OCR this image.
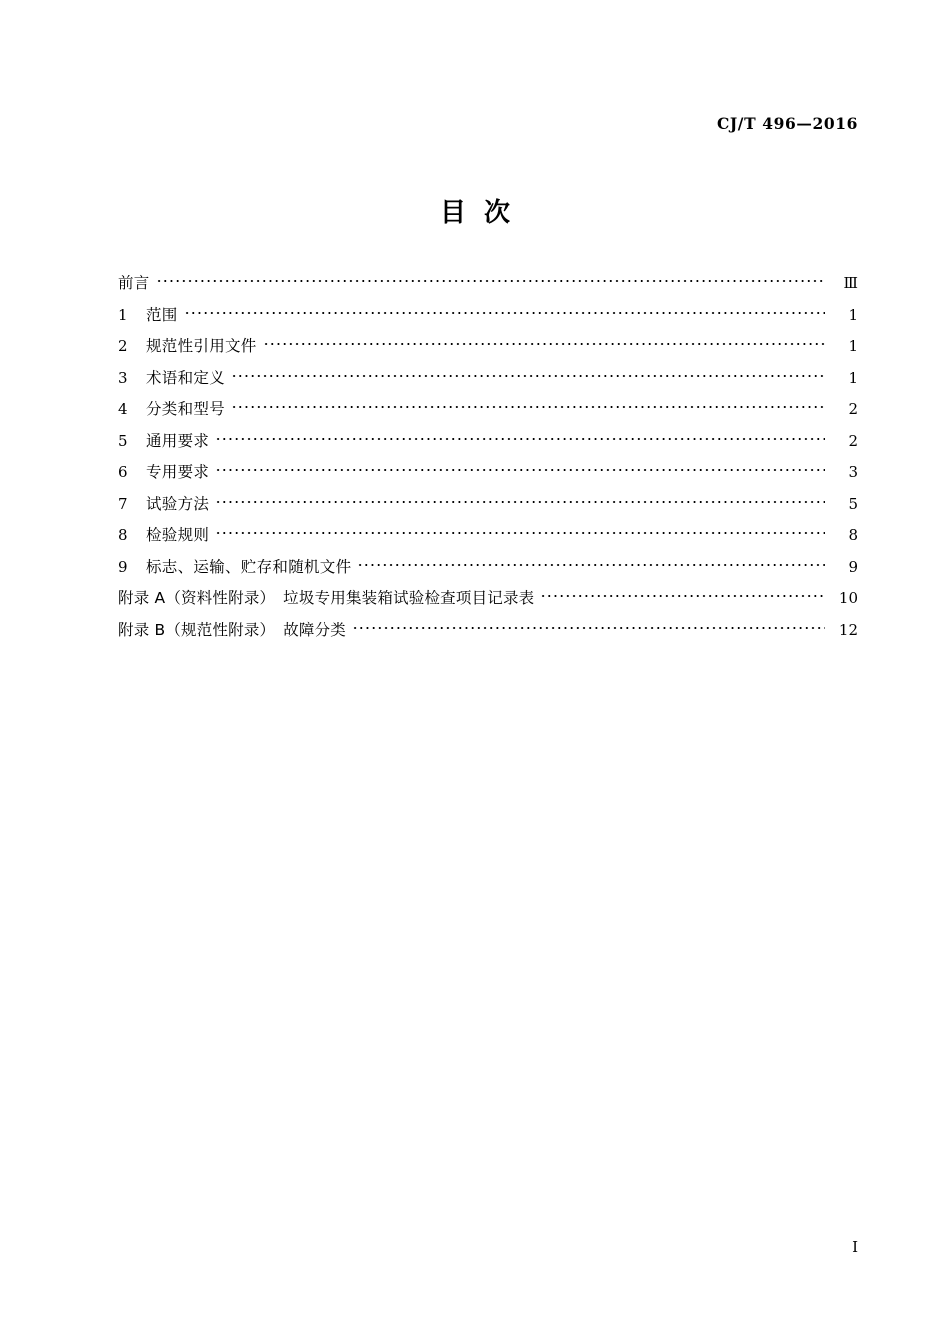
CJ/T 496—2016
目次
前言	Ⅲ
1	范围	1
2	规范性引用文件	1
3	术语和定义	1
4	分类和型号	2
5	通用要求	2
6	专用要求	3
7	试验方法	5
8	检验规则	8
9	标志、运输、贮存和随机文件	9
附录 A（资料性附录）　垃圾专用集装箱试验检查项目记录表	10
附录 B（规范性附录）　故障分类	12
Ⅰ
